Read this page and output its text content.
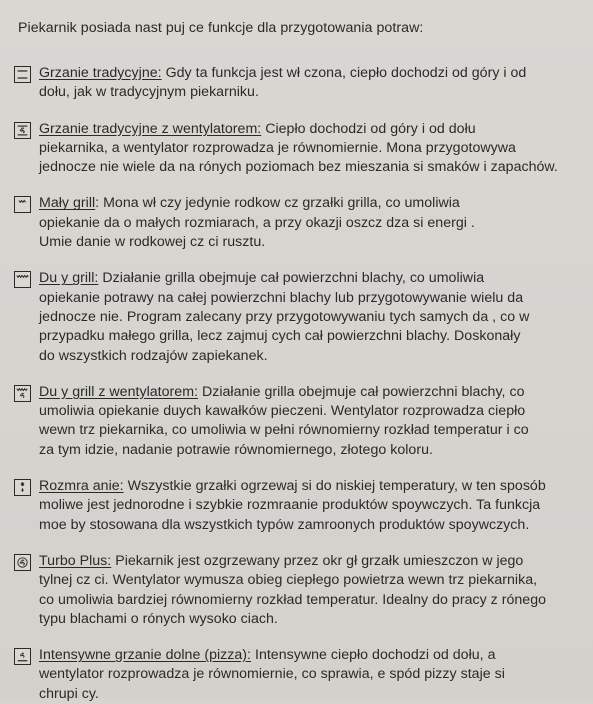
Piekarnik posiada nast puj ce funkcje dla przygotowania potraw:
Grzanie tradycyjne: Gdy ta funkcja jest wł czona, ciepło dochodzi od góry i od
dołu, jak w tradycyjnym piekarniku.
Grzanie tradycyjne z wentylatorem: Ciepło dochodzi od góry i od dołu
piekarnika, a wentylator rozprowadza je równomiernie. Mona przygotowywa
jednocze nie wiele da na rónych poziomach bez mieszania si smaków i zapachów.
Mały grill: Mona wł czy jedynie rodkow cz grzałki grilla, co umoliwia
opiekanie da o małych rozmiarach, a przy okazji oszcz dza si energi .
Umie danie w rodkowej cz ci rusztu.
Du y grill: Działanie grilla obejmuje cał powierzchni blachy, co umoliwia
opiekanie potrawy na całej powierzchni blachy lub przygotowywanie wielu da
jednocze nie. Program zalecany przy przygotowywaniu tych samych da , co w
przypadku małego grilla, lecz zajmuj cych cał powierzchni blachy. Doskonały
do wszystkich rodzajów zapiekanek.
Du y grill z wentylatorem: Działanie grilla obejmuje cał powierzchni blachy, co
umoliwia opiekanie duych kawałków pieczeni. Wentylator rozprowadza ciepło
wewn trz piekarnika, co umoliwia w pełni równomierny rozkład temperatur i co
za tym idzie, nadanie potrawie równomiernego, złotego koloru.
Rozmra anie: Wszystkie grzałki ogrzewaj si do niskiej temperatury, w ten sposób
moliwe jest jednorodne i szybkie rozmraanie produktów spoywczych. Ta funkcja
moe by stosowana dla wszystkich typów zamroonych produktów spoywczych.
Turbo Plus: Piekarnik jest ozgrzewany przez okr gł grzałk umieszczon w jego
tylnej cz ci. Wentylator wymusza obieg ciepłego powietrza wewn trz piekarnika,
co umoliwia bardziej równomierny rozkład temperatur. Idealny do pracy z rónego
typu blachami o rónych wysoko ciach.
Intensywne grzanie dolne (pizza): Intensywne ciepło dochodzi od dołu, a
wentylator rozprowadza je równomiernie, co sprawia, e spód pizzy staje si
chrupi cy.
